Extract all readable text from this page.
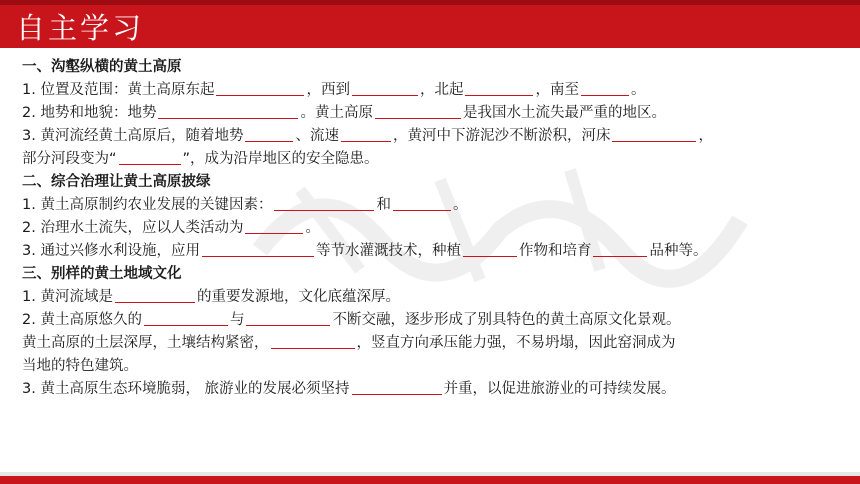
自主学习
一、沟壑纵横的黄土高原
1. 位置及范围：黄土高原东起	，西到	，北起	，南至	。
2. 地势和地貌：地势	。黄土高原	是我国水土流失最严重的地区。
3. 黄河流经黄土高原后，随着地势	、流速	，黄河中下游泥沙不断淤积，河床	，
部分河段变为“	”，成为沿岸地区的安全隐患。
二、综合治理让黄土高原披绿
1. 黄土高原制约农业发展的关键因素：	和	。
2. 治理水土流失，应以人类活动为	。
3. 通过兴修水利设施，应用	等节水灌溉技术，种植	作物和培育	品种等。
三、别样的黄土地域文化
1. 黄河流域是	的重要发源地，文化底蕴深厚。
2. 黄土高原悠久的	与	不断交融，逐步形成了别具特色的黄土高原文化景观。
黄土高原的土层深厚，土壤结构紧密，	，竖直方向承压能力强，不易坍塌，因此窑洞成为
当地的特色建筑。
3. 黄土高原生态环境脆弱， 旅游业的发展必须坚持	并重，以促进旅游业的可持续发展。
